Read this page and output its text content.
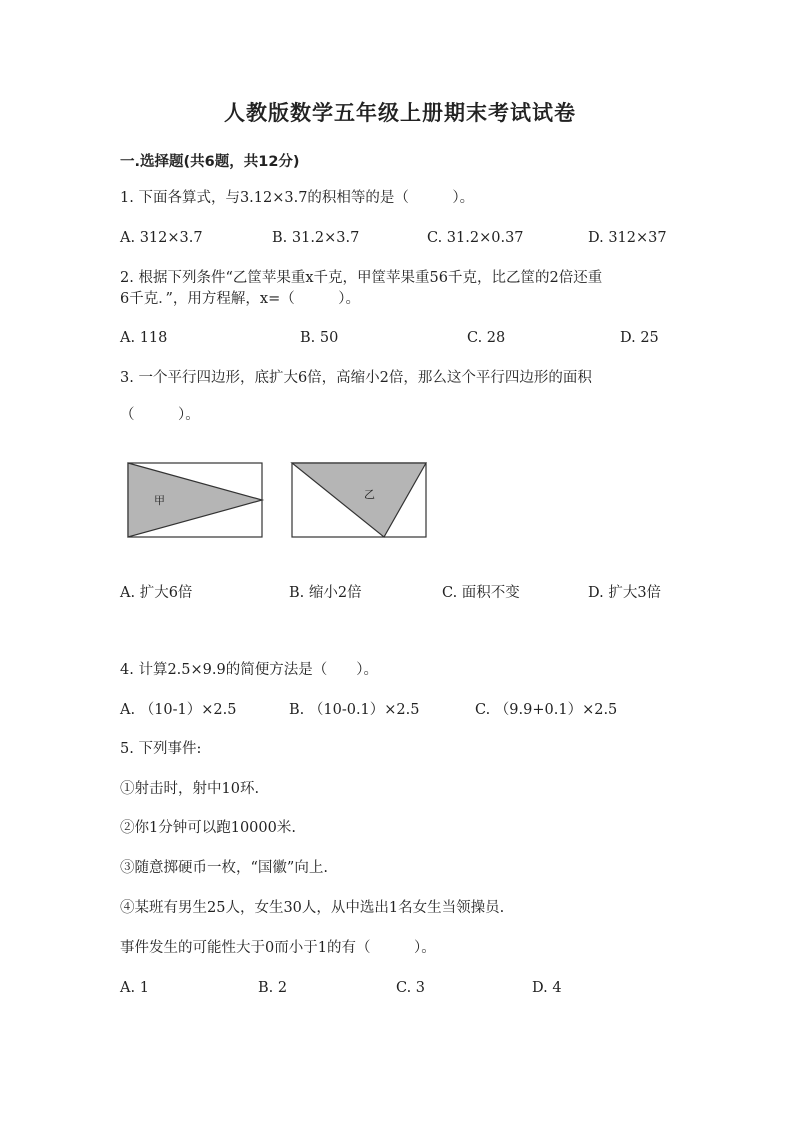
人教版数学五年级上册期末考试试卷
一.选择题(共6题，共12分)
1. 下面各算式，与3.12×3.7的积相等的是（　　　）。
A. 312×3.7	B. 31.2×3.7	C. 31.2×0.37	D. 312×37
2. 根据下列条件“乙筐苹果重x千克，甲筐苹果重56千克，比乙筐的2倍还重
6千克．”，用方程解，x=（　　　）。
A. 118	B. 50	C. 28	D. 25
3. 一个平行四边形，底扩大6倍，高缩小2倍，那么这个平行四边形的面积
（　　　）。
甲	乙
A. 扩大6倍	B. 缩小2倍	C. 面积不变	D. 扩大3倍
4. 计算2.5×9.9的简便方法是（　　）。
A. （10-1）×2.5	B. （10-0.1）×2.5	C. （9.9+0.1）×2.5
5. 下列事件:
①射击时，射中10环.
②你1分钟可以跑10000米.
③随意掷硬币一枚，“国徽”向上.
④某班有男生25人，女生30人，从中选出1名女生当领操员.
事件发生的可能性大于0而小于1的有（　　　）。
A. 1	B. 2	C. 3	D. 4
